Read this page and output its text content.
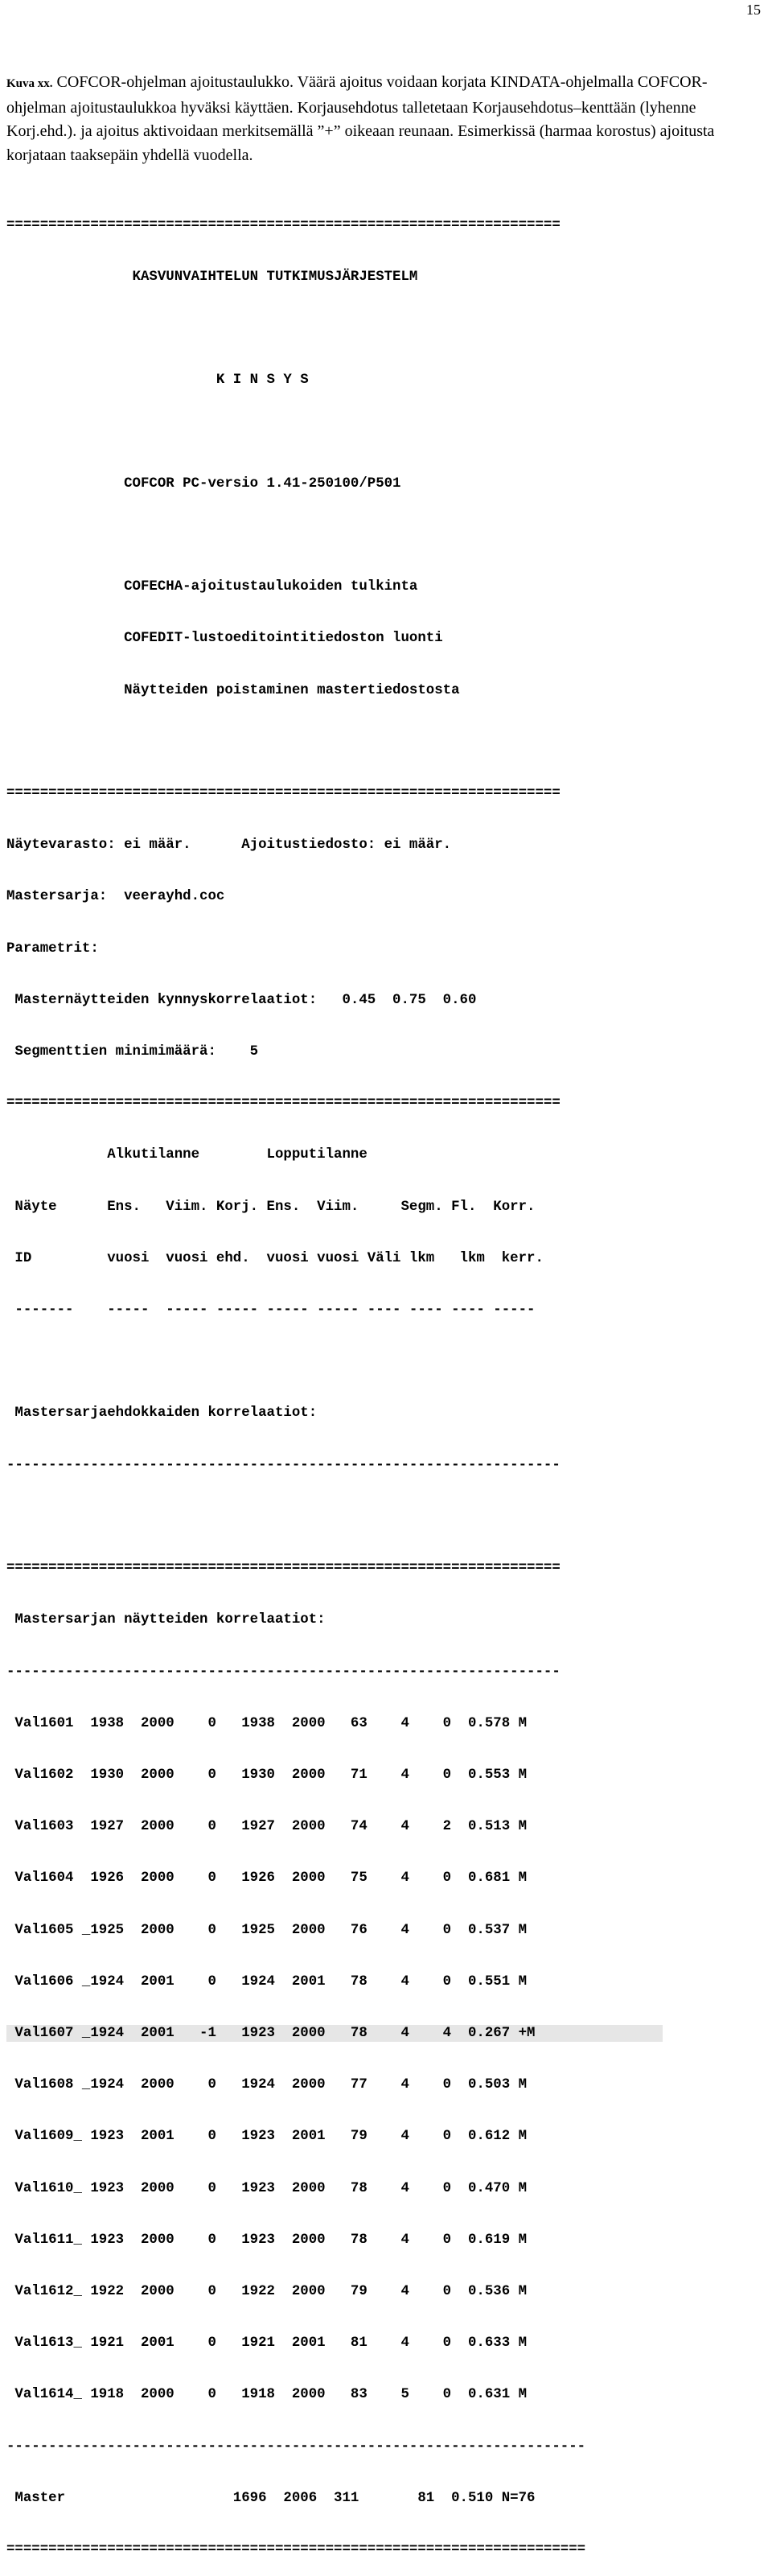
15
Kuva xx. COFCOR-ohjelman ajoitustaulukko. Väärä ajoitus voidaan korjata KINDATA-ohjelmalla COFCOR-ohjelman ajoitustaulukkoa hyväksi käyttäen. Korjausehdotus talletetaan Korjausehdotus–kenttään (lyhenne Korj.ehd.). ja ajoitus aktivoidaan merkitsemällä ”+” oikeaan reunaan. Esimerkissä (harmaa korostus) ajoitusta korjataan taaksepäin yhdellä vuodella.

==================================================================

KASVUNVAIHTELUN TUTKIMUSJÄRJESTELM

K I N S Y S

COFCOR PC-versio 1.41-250100/P501

COFECHA-ajoitustaulukoiden tulkinta

COFEDIT-lustoeditointitiedoston luonti

Näytteiden poistaminen mastertiedostosta

==================================================================

Näytevarasto: ei määr.      Ajoitustiedosto: ei määr.

Mastersarja:  veerayhd.coc

Parametrit:

Masternäytteiden kynnyskorrelaatiot:   0.45  0.75  0.60

Segmenttien minimimäärä:    5

==================================================================

Alkutilanne        Lopputilanne

Näyte      Ens.   Viim. Korj. Ens.  Viim.     Segm. Fl.  Korr.

ID         vuosi  vuosi ehd.  vuosi vuosi Väli lkm   lkm  kerr.

-------    -----  ----- ----- ----- ----- ---- ---- ---- -----

Mastersarjaehdokkaiden korrelaatiot:

------------------------------------------------------------------

==================================================================

Mastersarjan näytteiden korrelaatiot:

------------------------------------------------------------------

Val1601  1938  2000    0   1938  2000   63    4    0  0.578 M

Val1602  1930  2000    0   1930  2000   71    4    0  0.553 M

Val1603  1927  2000    0   1927  2000   74    4    2  0.513 M

Val1604  1926  2000    0   1926  2000   75    4    0  0.681 M

Val1605 _1925  2000    0   1925  2000   76    4    0  0.537 M

Val1606 _1924  2001    0   1924  2001   78    4    0  0.551 M

Val1607 _1924  2001   -1   1923  2000   78    4    4  0.267 +M

Val1608 _1924  2000    0   1924  2000   77    4    0  0.503 M

Val1609_ 1923  2001    0   1923  2001   79    4    0  0.612 M

Val1610_ 1923  2000    0   1923  2000   78    4    0  0.470 M

Val1611_ 1923  2000    0   1923  2000   78    4    0  0.619 M

Val1612_ 1922  2000    0   1922  2000   79    4    0  0.536 M

Val1613_ 1921  2001    0   1921  2001   81    4    0  0.633 M

Val1614_ 1918  2000    0   1918  2000   83    5    0  0.631 M

---------------------------------------------------------------------

Master                    1696  2006  311       81  0.510 N=76

=====================================================================
